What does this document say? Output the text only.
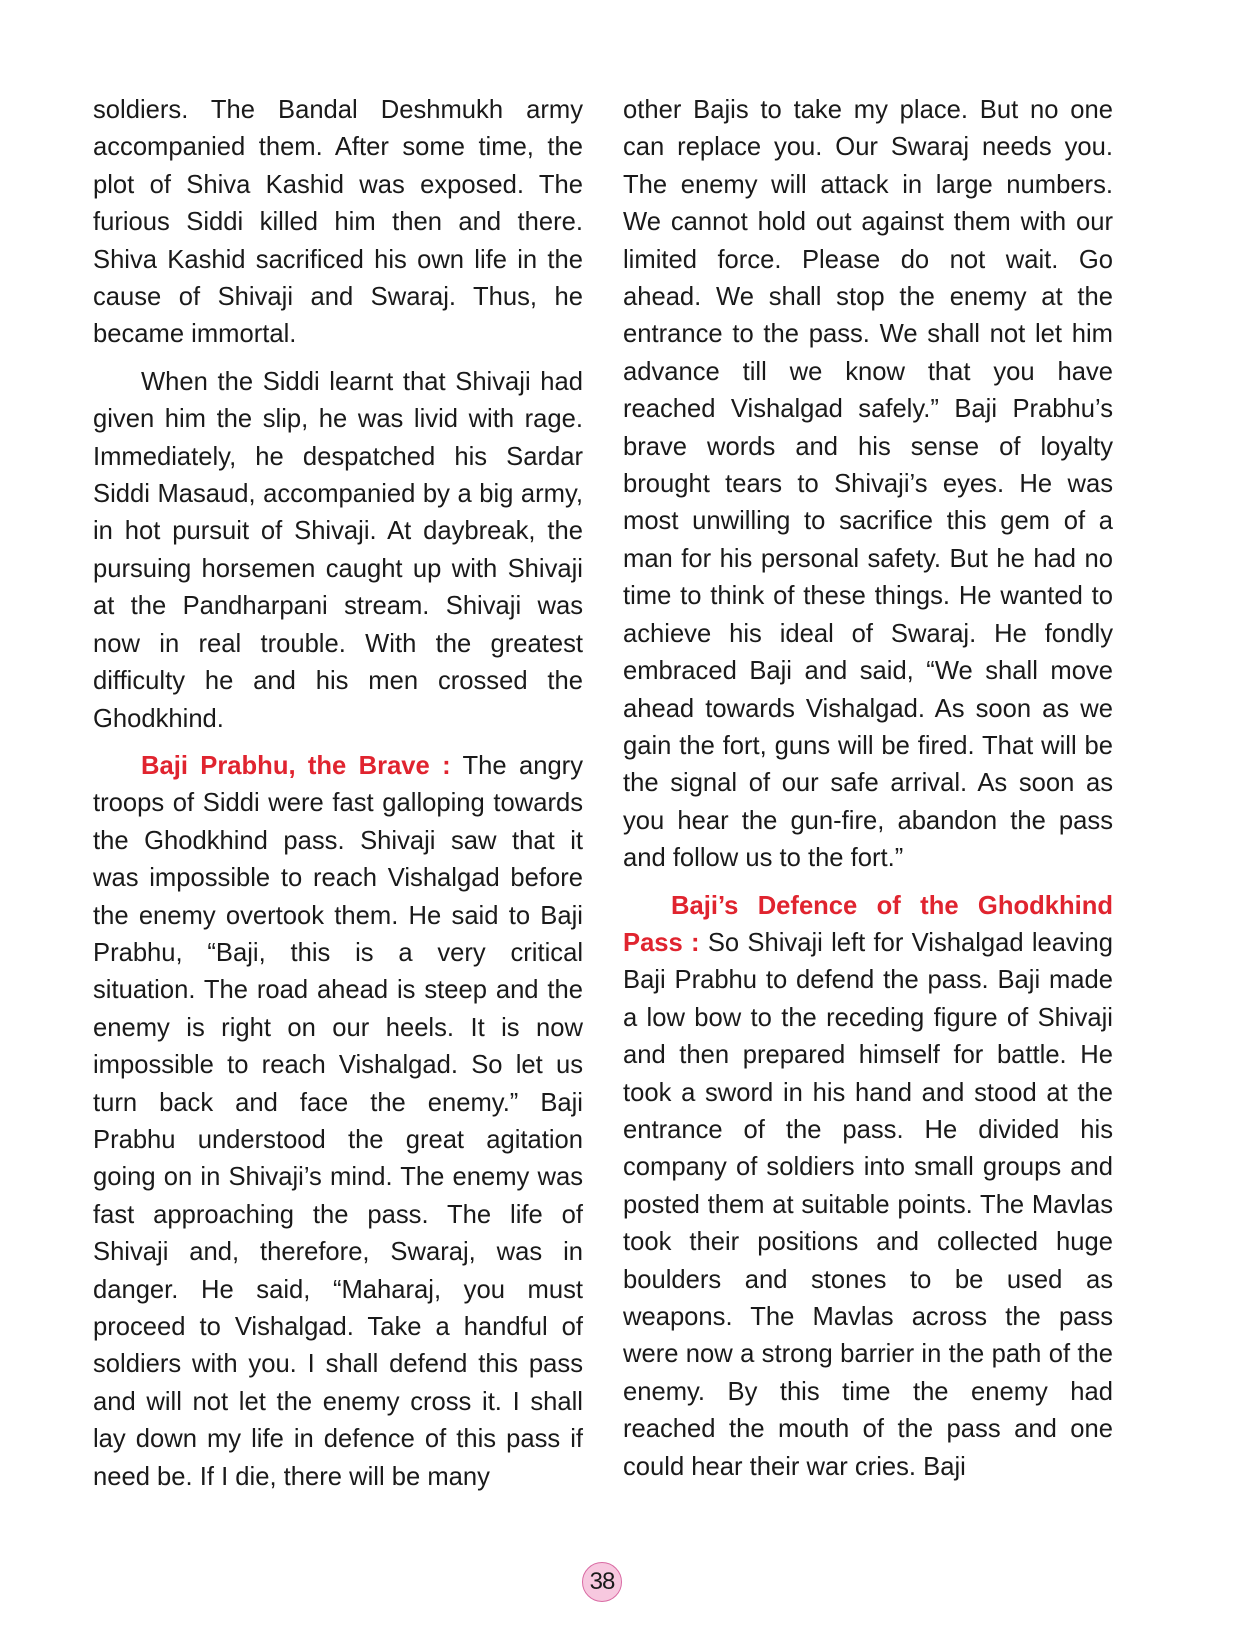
soldiers. The Bandal Deshmukh army accompanied them. After some time, the plot of Shiva Kashid was exposed. The furious Siddi killed him then and there. Shiva Kashid sacrificed his own life in the cause of Shivaji and Swaraj. Thus, he became immortal.

When the Siddi learnt that Shivaji had given him the slip, he was livid with rage. Immediately, he despatched his Sardar Siddi Masaud, accompanied by a big army, in hot pursuit of Shivaji. At daybreak, the pursuing horsemen caught up with Shivaji at the Pandharpani stream. Shivaji was now in real trouble. With the greatest difficulty he and his men crossed the Ghodkhind.

Baji Prabhu, the Brave : The angry troops of Siddi were fast galloping towards the Ghodkhind pass. Shivaji saw that it was impossible to reach Vishalgad before the enemy overtook them. He said to Baji Prabhu, “Baji, this is a very critical situation. The road ahead is steep and the enemy is right on our heels. It is now impossible to reach Vishalgad. So let us turn back and face the enemy.” Baji Prabhu understood the great agitation going on in Shivaji’s mind. The enemy was fast approaching the pass. The life of Shivaji and, therefore, Swaraj, was in danger. He said, “Maharaj, you must proceed to Vishalgad. Take a handful of soldiers with you. I shall defend this pass and will not let the enemy cross it. I shall lay down my life in defence of this pass if need be. If I die, there will be many

other Bajis to take my place. But no one can replace you. Our Swaraj needs you. The enemy will attack in large numbers. We cannot hold out against them with our limited force. Please do not wait. Go ahead. We shall stop the enemy at the entrance to the pass. We shall not let him advance till we know that you have reached Vishalgad safely.” Baji Prabhu’s brave words and his sense of loyalty brought tears to Shivaji’s eyes. He was most unwilling to sacrifice this gem of a man for his personal safety. But he had no time to think of these things. He wanted to achieve his ideal of Swaraj. He fondly embraced Baji and said, “We shall move ahead towards Vishalgad. As soon as we gain the fort, guns will be fired. That will be the signal of our safe arrival. As soon as you hear the gun-fire, abandon the pass and follow us to the fort.”

Baji’s Defence of the Ghodkhind Pass : So Shivaji left for Vishalgad leaving Baji Prabhu to defend the pass. Baji made a low bow to the receding figure of Shivaji and then prepared himself for battle. He took a sword in his hand and stood at the entrance of the pass. He divided his company of soldiers into small groups and posted them at suitable points. The Mavlas took their positions and collected huge boulders and stones to be used as weapons. The Mavlas across the pass were now a strong barrier in the path of the enemy. By this time the enemy had reached the mouth of the pass and one could hear their war cries. Baji

38
